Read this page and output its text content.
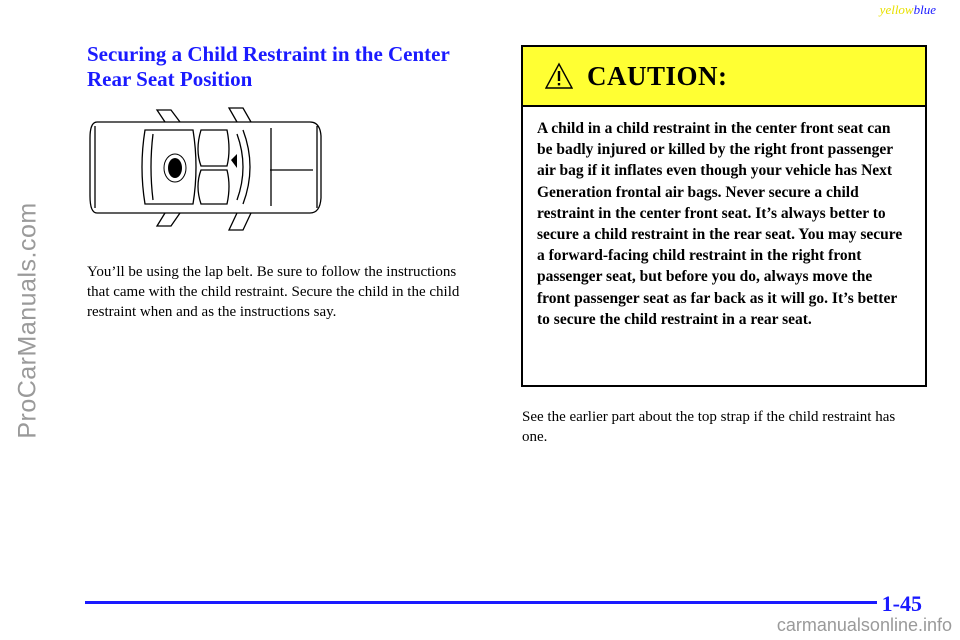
yellowblue
ProCarManuals.com
Securing a Child Restraint in the Center Rear Seat Position

You’ll be using the lap belt. Be sure to follow the instructions that came with the child restraint. Secure the child in the child restraint when and as the instructions say.

CAUTION:

A child in a child restraint in the center front seat can be badly injured or killed by the right front passenger air bag if it inflates even though your vehicle has Next Generation frontal air bags. Never secure a child restraint in the center front seat. It’s always better to secure a child restraint in the rear seat. You may secure a forward-facing child restraint in the right front passenger seat, but before you do, always move the front passenger seat as far back as it will go. It’s better to secure the child restraint in a rear seat.

See the earlier part about the top strap if the child restraint has one.

1-45
carmanualsonline.info
